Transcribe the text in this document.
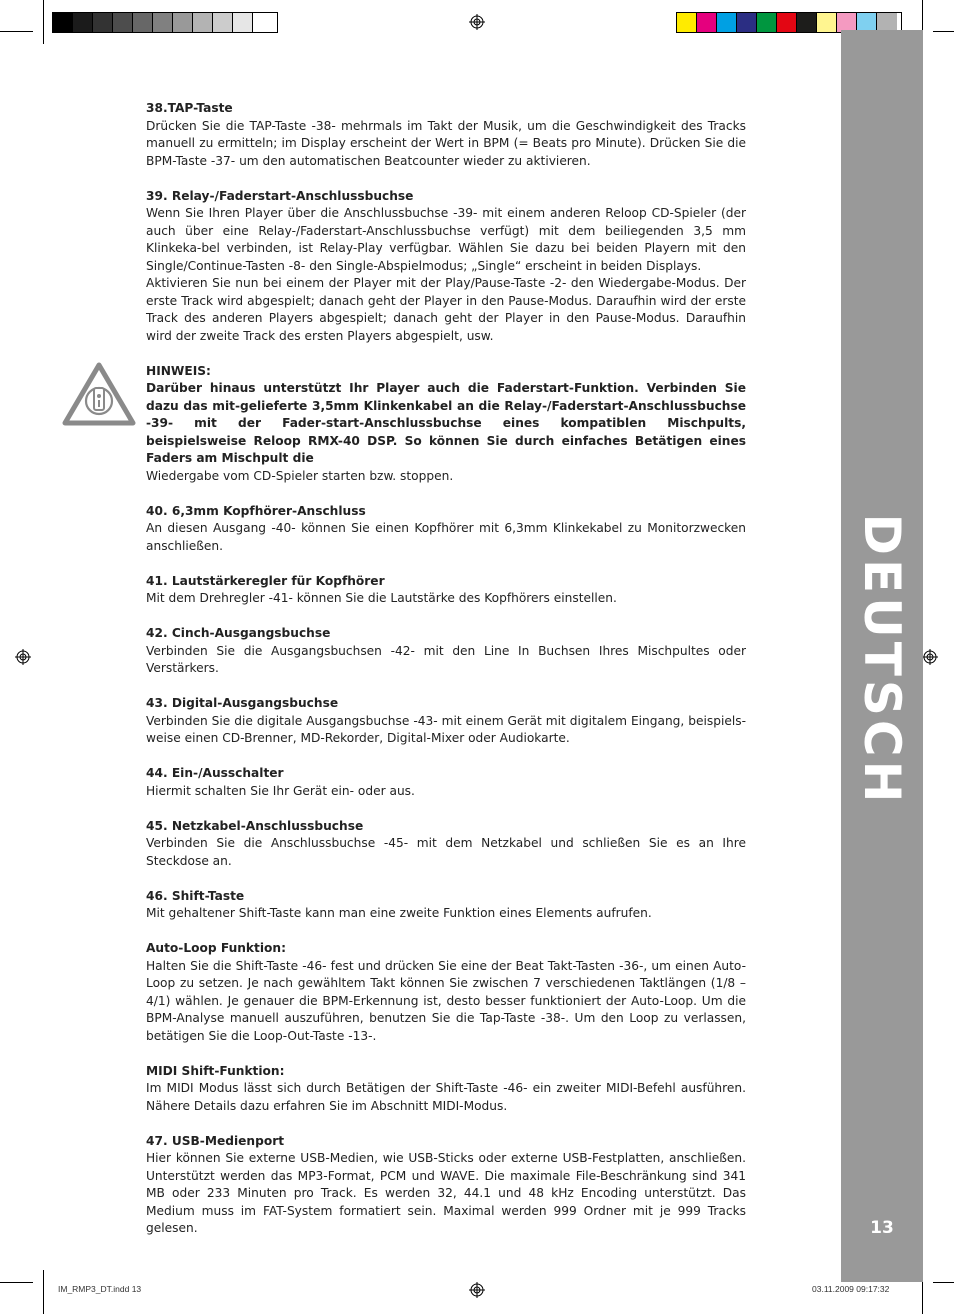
DEUTSCH
13
38.TAP-Taste

Drücken Sie die TAP-Taste -38- mehrmals im Takt der Musik, um die Geschwindigkeit des Tracks manuell zu ermitteln; im Display erscheint der Wert in BPM (= Beats pro Minute). Drücken Sie die BPM-Taste -37- um den automatischen Beatcounter wieder zu aktivieren.

39. Relay-/Faderstart-Anschlussbuchse

Wenn Sie Ihren Player über die Anschlussbuchse -39- mit einem anderen Reloop CD-Spieler (der auch über eine Relay-/Faderstart-Anschlussbuchse verfügt) mit dem beiliegenden 3,5 mm Klinkeka-bel verbinden, ist Relay-Play verfügbar. Wählen Sie dazu bei beiden Playern mit den Single/Continue-Tasten -8- den Single-Abspielmodus; „Single“ erscheint in beiden Displays.

Aktivieren Sie nun bei einem der Player mit der Play/Pause-Taste -2- den Wiedergabe-Modus. Der erste Track wird abgespielt; danach geht der Player in den Pause-Modus. Daraufhin wird der erste Track des anderen Players abgespielt; danach geht der Player in den Pause-Modus. Daraufhin wird der zweite Track des ersten Players abgespielt, usw.

HINWEIS:

Darüber hinaus unterstützt Ihr Player auch die Faderstart-Funktion. Verbinden Sie dazu das mit-gelieferte 3,5mm Klinkenkabel an die Relay-/Faderstart-Anschlussbuchse -39- mit der Fader-start-Anschlussbuchse eines kompatiblen Mischpults, beispielsweise Reloop RMX-40 DSP. So können Sie durch einfaches Betätigen eines Faders am Mischpult die

Wiedergabe vom CD-Spieler starten bzw. stoppen.

40. 6,3mm Kopfhörer-Anschluss

An diesen Ausgang -40- können Sie einen Kopfhörer mit 6,3mm Klinkekabel zu Monitorzwecken anschließen.

41. Lautstärkeregler für Kopfhörer

Mit dem Drehregler -41- können Sie die Lautstärke des Kopfhörers einstellen.

42. Cinch-Ausgangsbuchse

Verbinden Sie die Ausgangsbuchsen -42- mit den Line In Buchsen Ihres Mischpultes oder Verstärkers.

43. Digital-Ausgangsbuchse

Verbinden Sie die digitale Ausgangsbuchse -43- mit einem Gerät mit digitalem Eingang, beispiels-weise einen CD-Brenner, MD-Rekorder, Digital-Mixer oder Audiokarte.

44. Ein-/Ausschalter

Hiermit schalten Sie Ihr Gerät ein- oder aus.

45. Netzkabel-Anschlussbuchse

Verbinden Sie die Anschlussbuchse -45- mit dem Netzkabel und schließen Sie es an Ihre Steckdose an.

46. Shift-Taste

Mit gehaltener Shift-Taste kann man eine zweite Funktion eines Elements aufrufen.

Auto-Loop Funktion:

Halten Sie die Shift-Taste -46- fest und drücken Sie eine der Beat Takt-Tasten -36-, um einen Auto-Loop zu setzen. Je nach gewähltem Takt können Sie zwischen 7 verschiedenen Taktlängen (1/8 – 4/1) wählen. Je genauer die BPM-Erkennung ist, desto besser funktioniert der Auto-Loop. Um die BPM-Analyse manuell auszuführen, benutzen Sie die Tap-Taste -38-. Um den Loop zu verlassen, betätigen Sie die Loop-Out-Taste -13-.

MIDI Shift-Funktion:

Im MIDI Modus lässt sich durch Betätigen der Shift-Taste -46- ein zweiter MIDI-Befehl ausführen. Nähere Details dazu erfahren Sie im Abschnitt MIDI-Modus.

47. USB-Medienport

Hier können Sie externe USB-Medien, wie USB-Sticks oder externe USB-Festplatten, anschließen. Unterstützt werden das MP3-Format, PCM und WAVE. Die maximale File-Beschränkung sind 341 MB oder 233 Minuten pro Track. Es werden 32, 44.1 und 48 kHz Encoding unterstützt. Das Medium muss im FAT-System formatiert sein. Maximal werden 999 Ordner mit je 999 Tracks gelesen.

IM_RMP3_DT.indd 13	03.11.2009 09:17:32
